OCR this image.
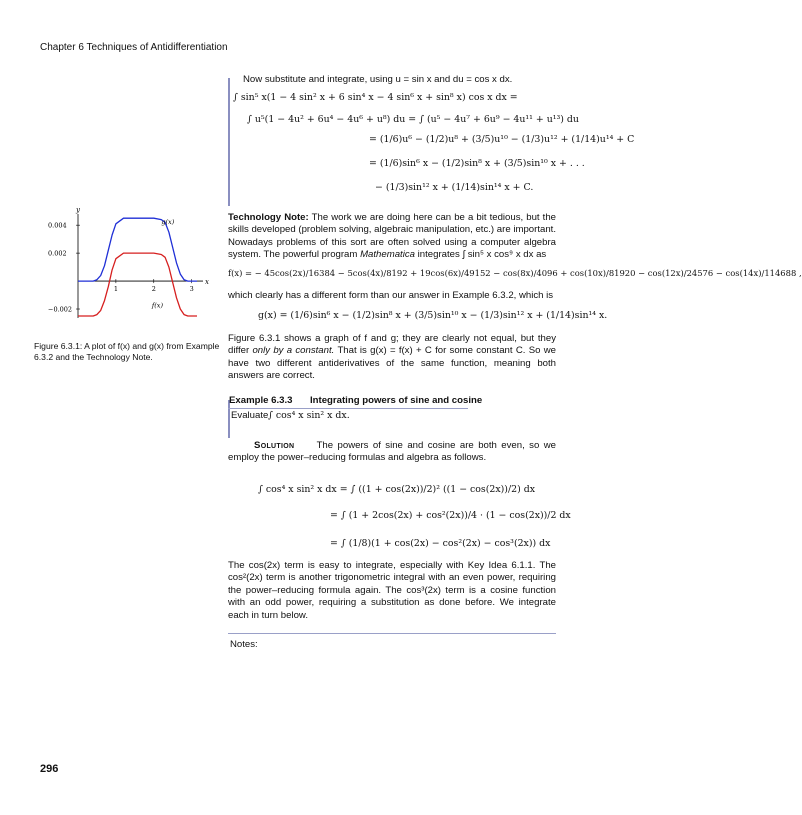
Chapter 6 Techniques of Antidifferentiation
Now substitute and integrate, using u = sin x and du = cos x dx.
∫ sin⁵ x(1 − 4 sin² x + 6 sin⁴ x − 4 sin⁶ x + sin⁸ x) cos x dx =
∫ u⁵(1 − 4u² + 6u⁴ − 4u⁶ + u⁸) du = ∫ (u⁵ − 4u⁷ + 6u⁹ − 4u¹¹ + u¹³) du
= (1/6)u⁶ − (1/2)u⁸ + (3/5)u¹⁰ − (1/3)u¹² + (1/14)u¹⁴ + C
= (1/6)sin⁶ x − (1/2)sin⁸ x + (3/5)sin¹⁰ x + . . .
− (1/3)sin¹² x + (1/14)sin¹⁴ x + C.
x
y
1	2	3
0.004
0.002
−0.002
g(x)
f(x)
Figure 6.3.1: A plot of f(x) and g(x) from Example 6.3.2 and the Technology Note.
Technology Note: The work we are doing here can be a bit tedious, but the skills developed (problem solving, algebraic manipulation, etc.) are important. Nowadays problems of this sort are often solved using a computer algebra system. The powerful program Mathematica integrates ∫ sin⁵ x cos⁹ x dx as
f(x) = − 45cos(2x)/16384 − 5cos(4x)/8192 + 19cos(6x)/49152 − cos(8x)/4096 + cos(10x)/81920 − cos(12x)/24576 − cos(14x)/114688 ,
which clearly has a different form than our answer in Example 6.3.2, which is
g(x) = (1/6)sin⁶ x − (1/2)sin⁸ x + (3/5)sin¹⁰ x − (1/3)sin¹² x + (1/14)sin¹⁴ x.
Figure 6.3.1 shows a graph of f and g; they are clearly not equal, but they differ only by a constant. That is g(x) = f(x) + C for some constant C. So we have two different antiderivatives of the same function, meaning both answers are correct.
Example 6.3.3 Integrating powers of sine and cosine
Evaluate ∫ cos⁴ x sin² x dx.
Solution The powers of sine and cosine are both even, so we employ the power–reducing formulas and algebra as follows.
∫ cos⁴ x sin² x dx = ∫ ((1 + cos(2x))/2)² ((1 − cos(2x))/2) dx
= ∫ (1 + 2cos(2x) + cos²(2x))/4 · (1 − cos(2x))/2 dx
= ∫ (1/8)(1 + cos(2x) − cos²(2x) − cos³(2x)) dx
The cos(2x) term is easy to integrate, especially with Key Idea 6.1.1. The cos²(2x) term is another trigonometric integral with an even power, requiring the power–reducing formula again. The cos³(2x) term is a cosine function with an odd power, requiring a substitution as done before. We integrate each in turn below.
Notes:
296
